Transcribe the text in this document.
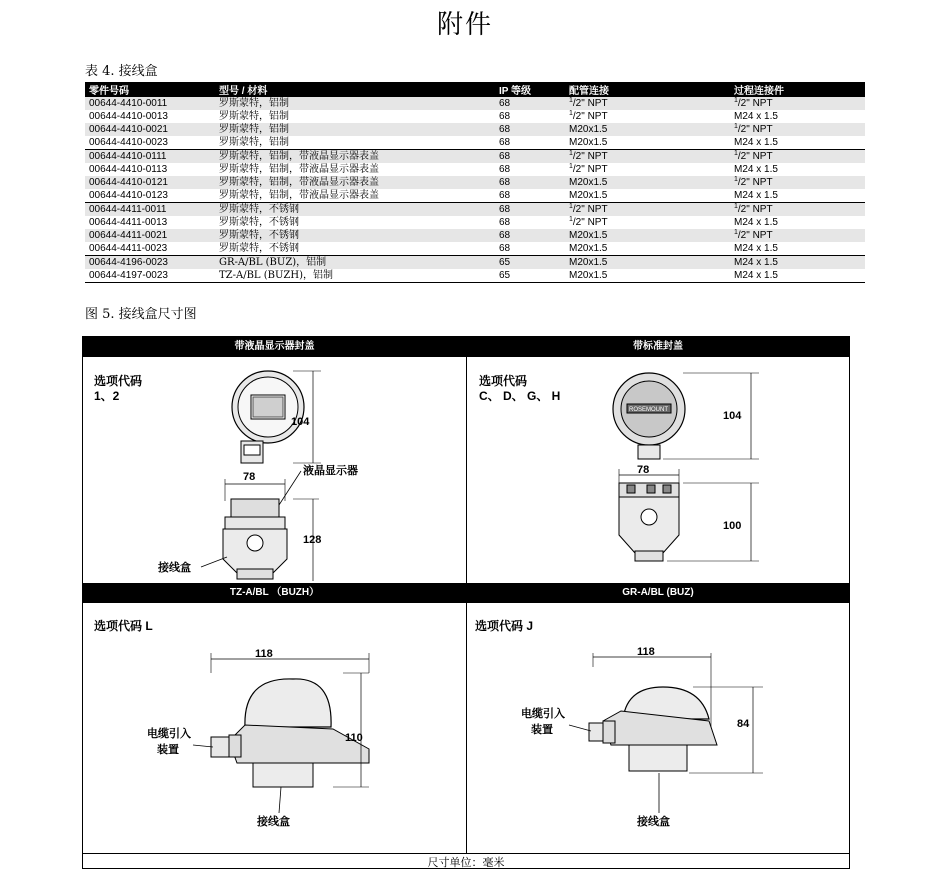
附件
表 4. 接线盒
零件号码	型号 / 材料	IP 等级	配管连接	过程连接件
00644-4410-0011	罗斯蒙特，铝制	68	$^1$/2" NPT	$^1$/2" NPT
00644-4410-0013	罗斯蒙特，铝制	68	$^1$/2" NPT	M24 x 1.5
00644-4410-0021	罗斯蒙特，铝制	68	M20x1.5	$^1$/2" NPT
00644-4410-0023	罗斯蒙特，铝制	68	M20x1.5	M24 x 1.5
00644-4410-0111	罗斯蒙特，铝制，带液晶显示器表盖	68	$^1$/2" NPT	$^1$/2" NPT
00644-4410-0113	罗斯蒙特，铝制，带液晶显示器表盖	68	$^1$/2" NPT	M24 x 1.5
00644-4410-0121	罗斯蒙特，铝制，带液晶显示器表盖	68	M20x1.5	$^1$/2" NPT
00644-4410-0123	罗斯蒙特，铝制，带液晶显示器表盖	68	M20x1.5	M24 x 1.5
00644-4411-0011	罗斯蒙特，不锈钢	68	$^1$/2" NPT	$^1$/2" NPT
00644-4411-0013	罗斯蒙特，不锈钢	68	$^1$/2" NPT	M24 x 1.5
00644-4411-0021	罗斯蒙特，不锈钢	68	M20x1.5	$^1$/2" NPT
00644-4411-0023	罗斯蒙特，不锈钢	68	M20x1.5	M24 x 1.5
00644-4196-0023	GR-A/BL (BUZ)，铝制	65	M20x1.5	M24 x 1.5
00644-4197-0023	TZ-A/BL (BUZH)，铝制	65	M20x1.5	M24 x 1.5
图 5. 接线盒尺寸图
带液晶显示器封盖	带标准封盖
TZ-A/BL （BUZH）	GR-A/BL (BUZ)
选项代码
1、2
选项代码
C、 D、 G、 H
选项代码 L	选项代码 J
104
78
128
液晶显示器
接线盒
ROSEMOUNT	104
78
100
118
110
电缆引入
装置
接线盒
118
84
电缆引入
装置
接线盒
尺寸单位：毫米
